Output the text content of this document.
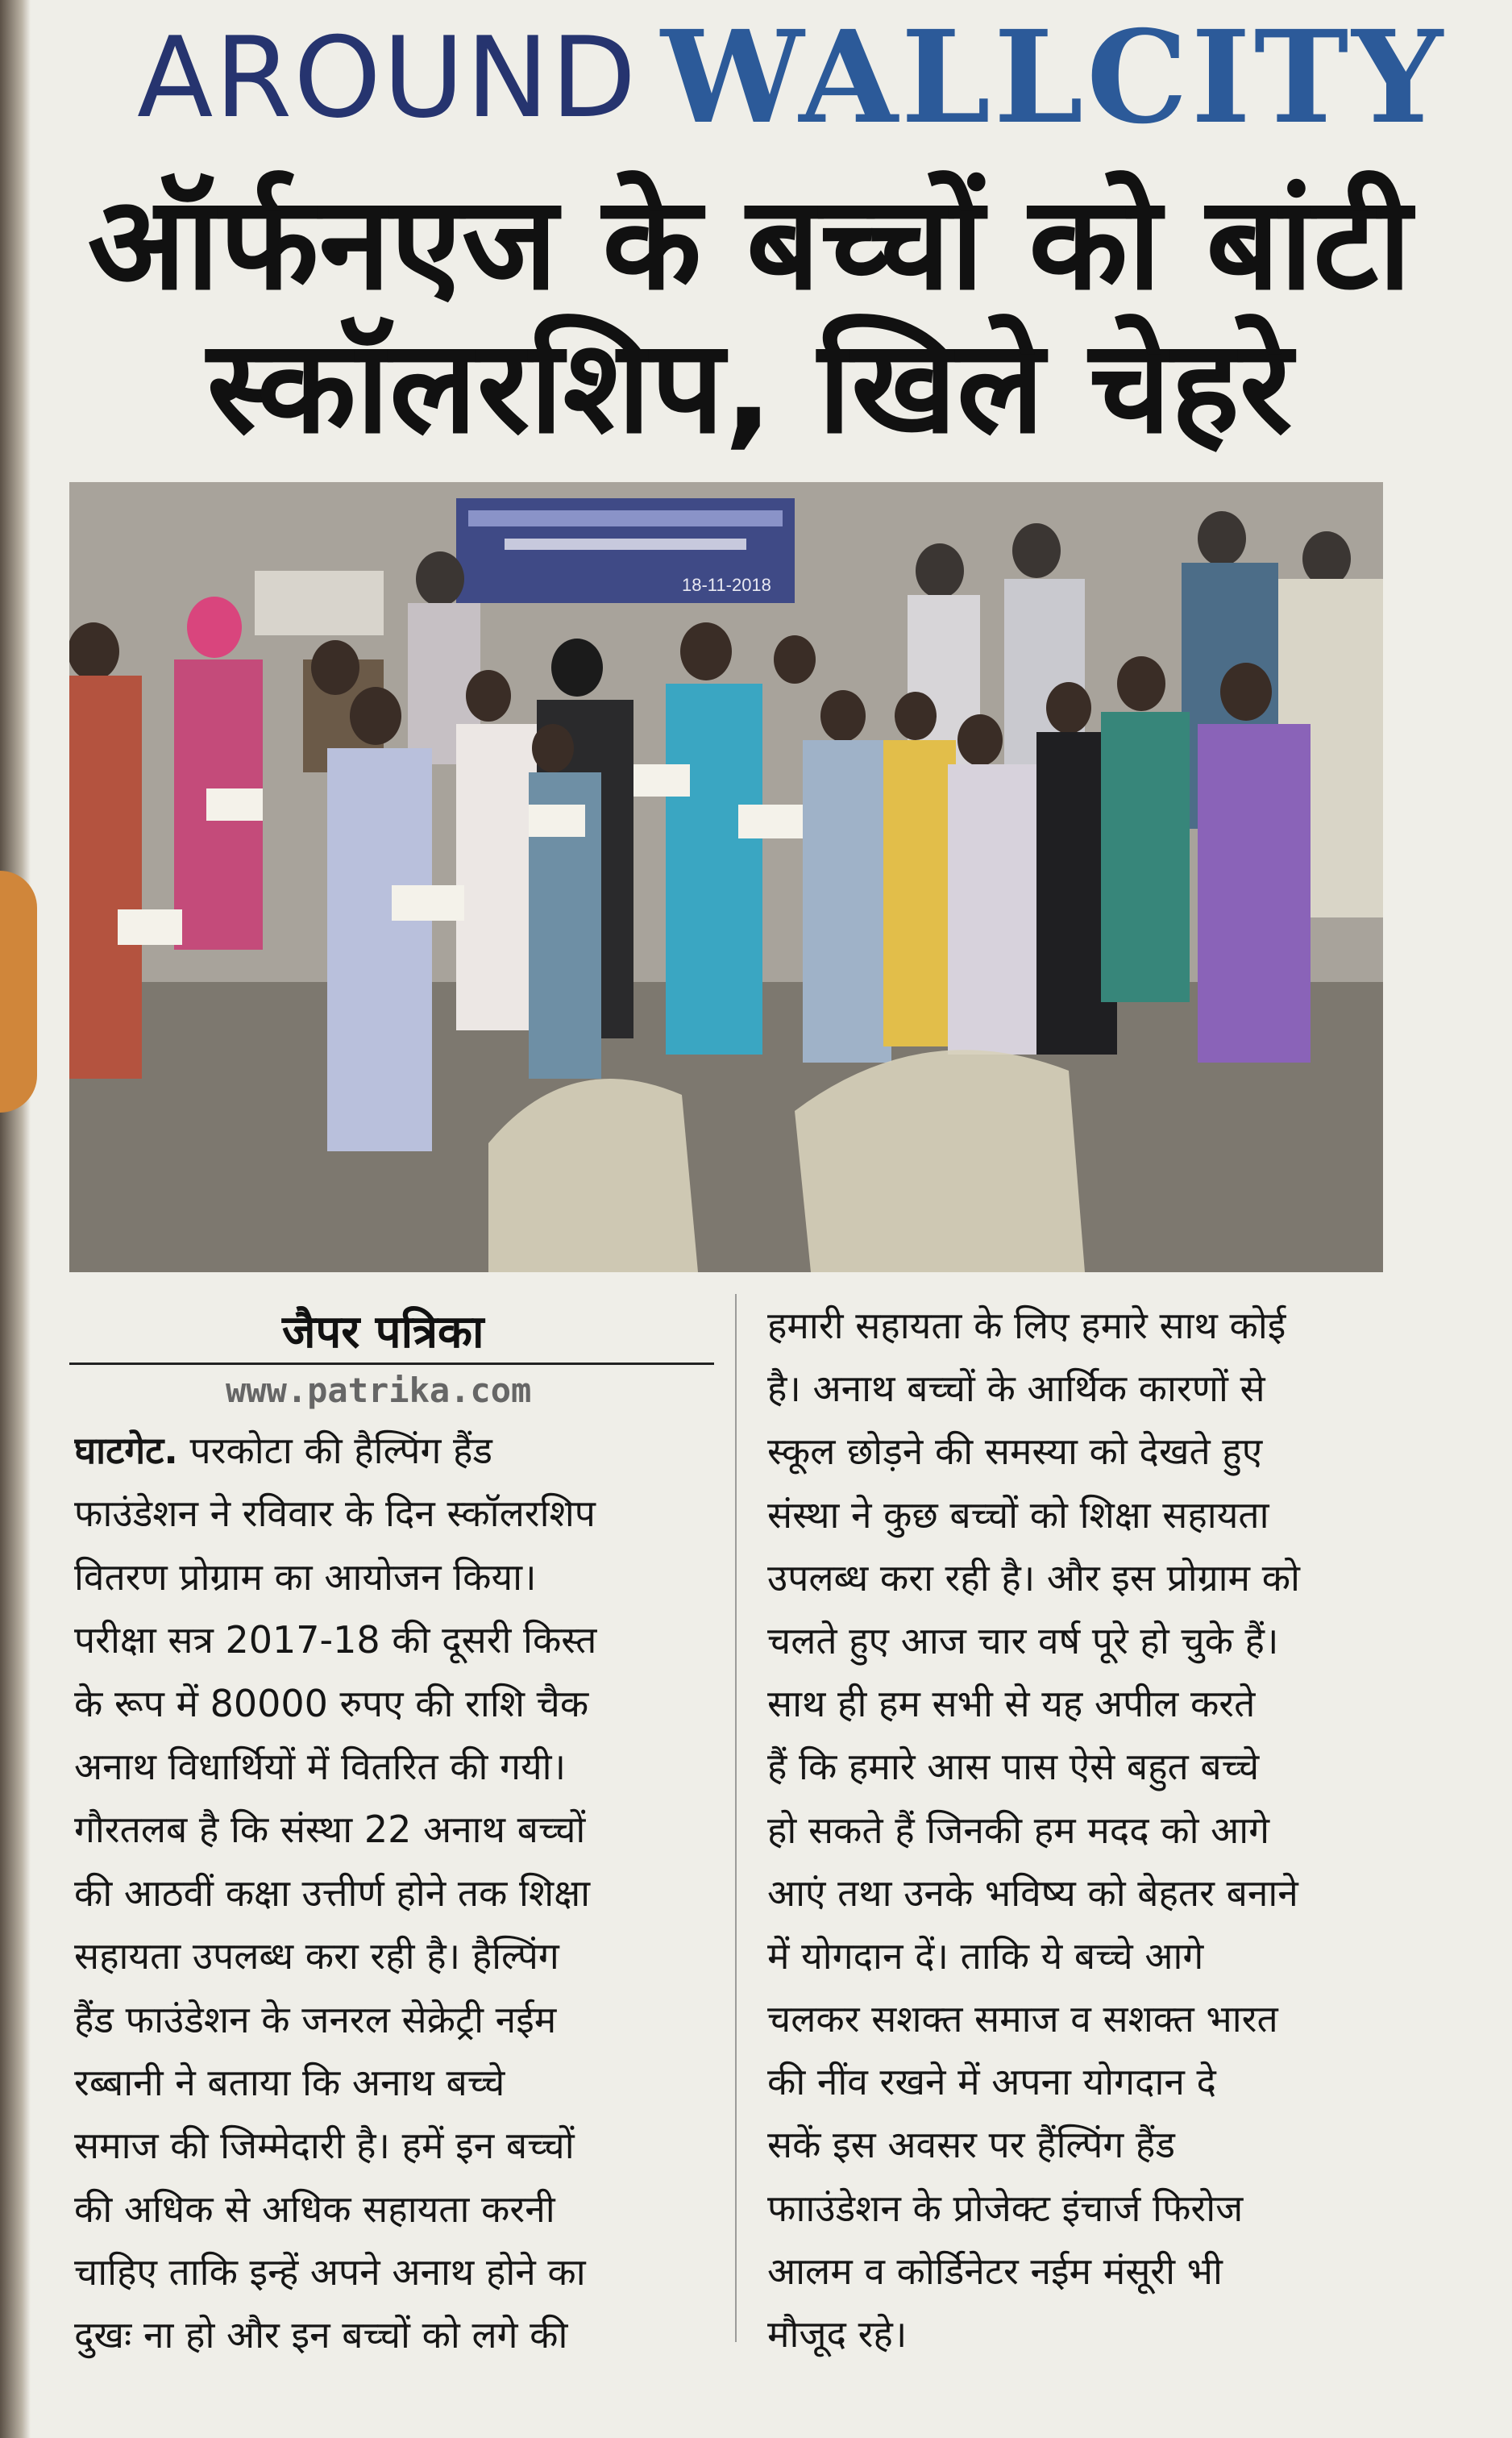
AROUND WALLCITY
ऑर्फनएज के बच्चों को बांटी
स्कॉलरशिप, खिले चेहरे
18-11-2018
जैपर पत्रिका
www.patrika.com
घाटगेट. परकोटा की हैल्पिंग हैंड
फाउंडेशन ने रविवार के दिन स्कॉलरशिप
वितरण प्रोग्राम का आयोजन किया।
परीक्षा सत्र 2017-18 की दूसरी किस्त
के रूप में 80000 रुपए की राशि चैक
अनाथ विधार्थियों में वितरित की गयी।
गौरतलब है कि संस्था 22 अनाथ बच्चों
की आठवीं कक्षा उत्तीर्ण होने तक शिक्षा
सहायता उपलब्ध करा रही है। हैल्पिंग
हैंड फाउंडेशन के जनरल सेक्रेट्री नईम
रब्बानी ने बताया कि अनाथ बच्चे
समाज की जिम्मेदारी है। हमें इन बच्चों
की अधिक से अधिक सहायता करनी
चाहिए ताकि इन्हें अपने अनाथ होने का
दुखः ना हो और इन बच्चों को लगे की
हमारी सहायता के लिए हमारे साथ कोई
है। अनाथ बच्चों के आर्थिक कारणों से
स्कूल छोड़ने की समस्या को देखते हुए
संस्था ने कुछ बच्चों को शिक्षा सहायता
उपलब्ध करा रही है। और इस प्रोग्राम को
चलते हुए आज चार वर्ष पूरे हो चुके हैं।
साथ ही हम सभी से यह अपील करते
हैं कि हमारे आस पास ऐसे बहुत बच्चे
हो सकते हैं जिनकी हम मदद को आगे
आएं तथा उनके भविष्य को बेहतर बनाने
में योगदान दें। ताकि ये बच्चे आगे
चलकर सशक्त समाज व सशक्त भारत
की नींव रखने में अपना योगदान दे
सकें इस अवसर पर हैंल्पिंग हैंड
फााउंडेशन के प्रोजेक्ट इंचार्ज फिरोज
आलम व कोर्डिनेटर नईम मंसूरी भी
मौजूद रहे।
